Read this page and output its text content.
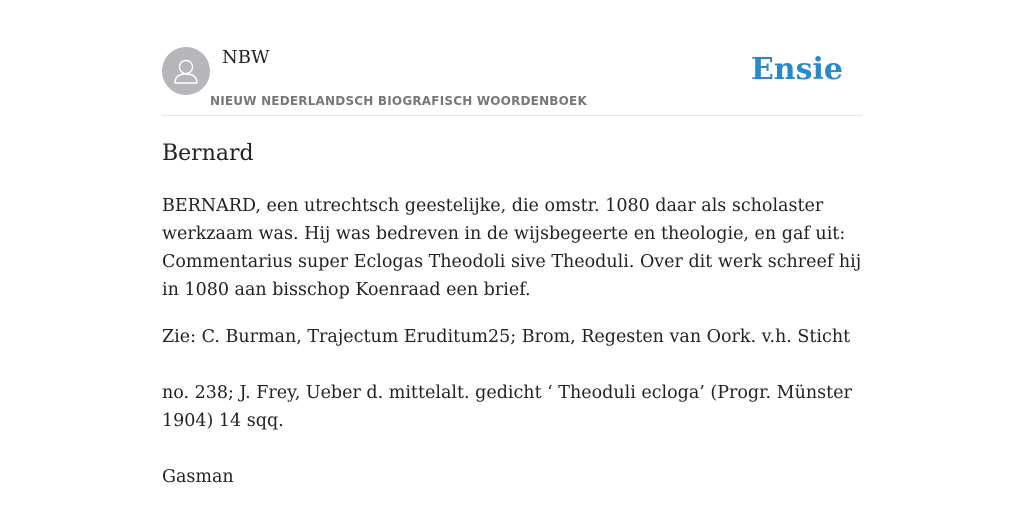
NBW
NIEUW NEDERLANDSCH BIOGRAFISCH WOORDENBOEK
Ensie
Bernard

BERNARD, een utrechtsch geestelijke, die omstr. 1080 daar als scholaster werkzaam was. Hij was bedreven in de wijsbegeerte en theologie, en gaf uit: Commentarius super Eclogas Theodoli sive Theoduli. Over dit werk schreef hij in 1080 aan bisschop Koenraad een brief.

Zie: C. Burman, Trajectum Eruditum25; Brom, Regesten van Oork. v.h. Sticht

no. 238; J. Frey, Ueber d. mittelalt. gedicht ‘ Theoduli ecloga’ (Progr. Münster 1904) 14 sqq.

Gasman
